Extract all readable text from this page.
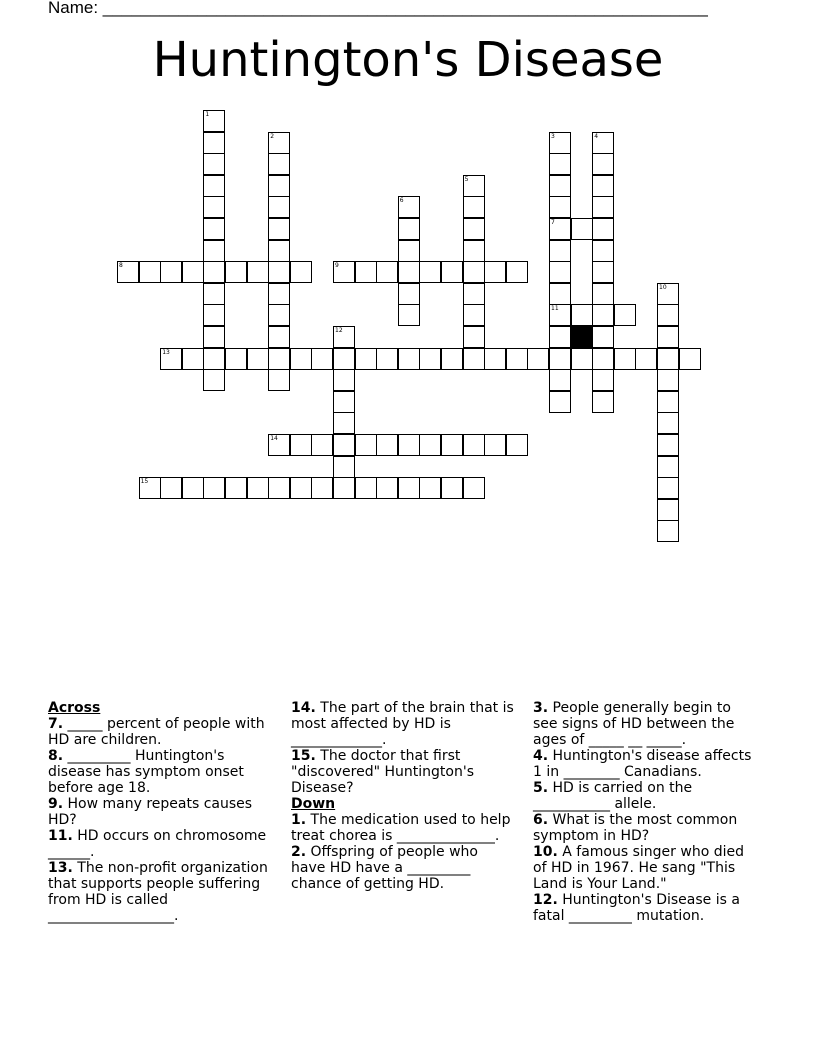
Name: ________________________________________________________________
Huntington's Disease
1
2	3
7
11
4
5
6
8	9
10
12
13
14
15

Across

7. _____ percent of people with HD are children.

8. _________ Huntington's disease has symptom onset before age 18.

9. How many repeats causes HD?

11. HD occurs on chromosome ______.

13. The non-profit organization that supports people suffering from HD is called __________________.

14. The part of the brain that is most affected by HD is _____________.

15. The doctor that first "discovered" Huntington's Disease?

Down

1. The medication used to help treat chorea is ______________.

2. Offspring of people who have HD have a _________ chance of getting HD.

3. People generally begin to see signs of HD between the ages of _____ __ _____.

4. Huntington's disease affects 1 in ________ Canadians.

5. HD is carried on the ___________ allele.

6. What is the most common symptom in HD?

10. A famous singer who died of HD in 1967. He sang "This Land is Your Land."

12. Huntington's Disease is a fatal _________ mutation.
